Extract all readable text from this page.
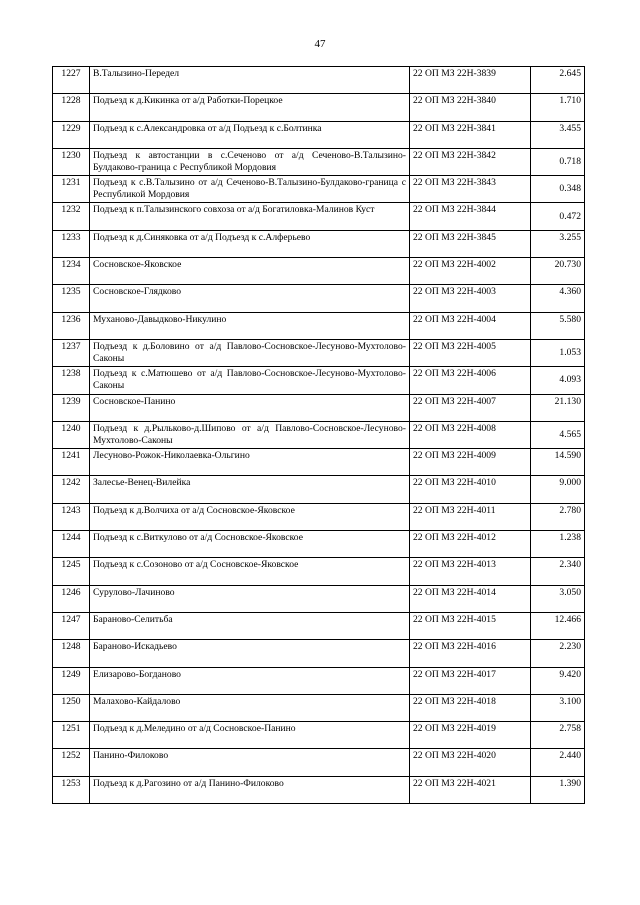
47
1227	В.Талызино-Передел	22 ОП МЗ 22Н-3839	2.645
1228	Подъезд к д.Кикинка от а/д Работки-Порецкое	22 ОП МЗ 22Н-3840	1.710
1229	Подъезд к с.Александровка от а/д Подъезд к с.Болтинка	22 ОП МЗ 22Н-3841	3.455
1230	Подъезд к автостанции в с.Сеченово от а/д Сеченово-В.Талызино-Булдаково-граница с Республикой Мордовия	22 ОП МЗ 22Н-3842	0.718
1231	Подъезд к с.В.Талызино от а/д Сеченово-В.Талызино-Булдаково-граница с Республикой Мордовия	22 ОП МЗ 22Н-3843	0.348
1232	Подъезд к п.Талызинского совхоза от а/д Богатиловка-Малинов Куст	22 ОП МЗ 22Н-3844	0.472
1233	Подъезд к д.Синяковка от а/д Подъезд к с.Алферьево	22 ОП МЗ 22Н-3845	3.255
1234	Сосновское-Яковское	22 ОП МЗ 22Н-4002	20.730
1235	Сосновское-Глядково	22 ОП МЗ 22Н-4003	4.360
1236	Муханово-Давыдково-Никулино	22 ОП МЗ 22Н-4004	5.580
1237	Подъезд к д.Боловино от а/д Павлово-Сосновское-Лесуново-Мухтолово-Саконы	22 ОП МЗ 22Н-4005	1.053
1238	Подъезд к с.Матюшево от а/д Павлово-Сосновское-Лесуново-Мухтолово-Саконы	22 ОП МЗ 22Н-4006	4.093
1239	Сосновское-Панино	22 ОП МЗ 22Н-4007	21.130
1240	Подъезд к д.Рыльково-д.Шипово от а/д Павлово-Сосновское-Лесуново-Мухтолово-Саконы	22 ОП МЗ 22Н-4008	4.565
1241	Лесуново-Рожок-Николаевка-Ольгино	22 ОП МЗ 22Н-4009	14.590
1242	Залесье-Венец-Вилейка	22 ОП МЗ 22Н-4010	9.000
1243	Подъезд к д.Волчиха от а/д Сосновское-Яковское	22 ОП МЗ 22Н-4011	2.780
1244	Подъезд к с.Виткулово от а/д Сосновское-Яковское	22 ОП МЗ 22Н-4012	1.238
1245	Подъезд к с.Созоново от а/д Сосновское-Яковское	22 ОП МЗ 22Н-4013	2.340
1246	Сурулово-Лачиново	22 ОП МЗ 22Н-4014	3.050
1247	Бараново-Селитьба	22 ОП МЗ 22Н-4015	12.466
1248	Бараново-Искадьево	22 ОП МЗ 22Н-4016	2.230
1249	Елизарово-Богданово	22 ОП МЗ 22Н-4017	9.420
1250	Малахово-Кайдалово	22 ОП МЗ 22Н-4018	3.100
1251	Подъезд к д.Меледино от а/д Сосновское-Панино	22 ОП МЗ 22Н-4019	2.758
1252	Панино-Филоково	22 ОП МЗ 22Н-4020	2.440
1253	Подъезд к д.Рагозино от а/д Панино-Филоково	22 ОП МЗ 22Н-4021	1.390
